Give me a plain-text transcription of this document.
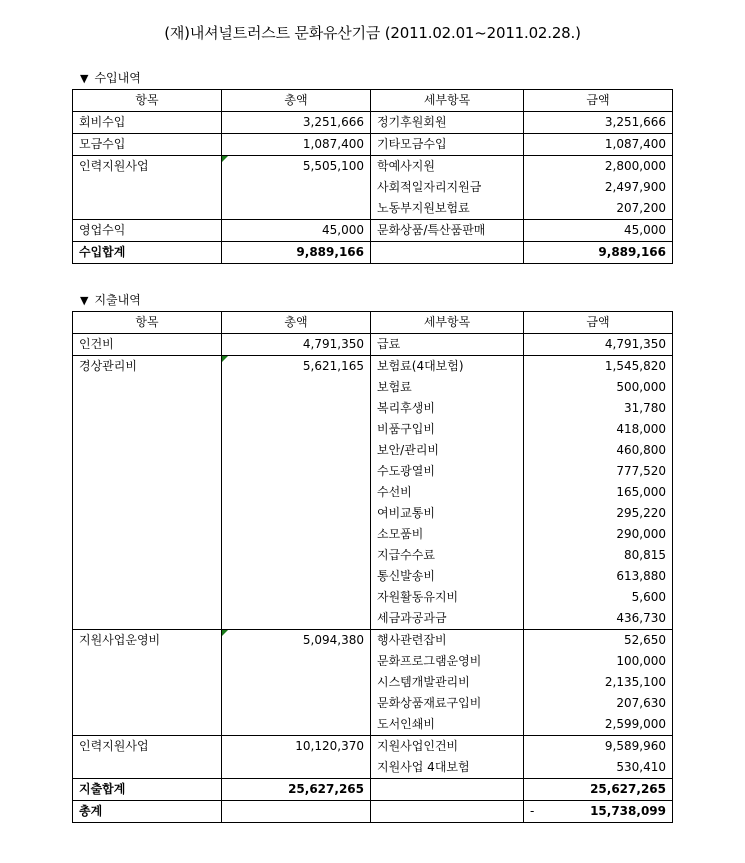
(재)내셔널트러스트 문화유산기금 (2011.02.01~2011.02.28.)
▼ 수입내역
항목	총액	세부항목	금액
회비수입	3,251,666	정기후원회원	3,251,666
모금수입	1,087,400	기타모금수입	1,087,400
인력지원사업	5,505,100	학예사지원	2,800,000
		사회적일자리지원금	2,497,900
		노동부지원보험료	207,200
영업수익	45,000	문화상품/특산품판매	45,000
수입합계	9,889,166		9,889,166
▼ 지출내역
항목	총액	세부항목	금액
인건비	4,791,350	급료	4,791,350
경상관리비	5,621,165	보험료(4대보험)	1,545,820
		보험료	500,000
		복리후생비	31,780
		비품구입비	418,000
		보안/관리비	460,800
		수도광열비	777,520
		수선비	165,000
		여비교통비	295,220
		소모품비	290,000
		지급수수료	80,815
		통신발송비	613,880
		자원활동유지비	5,600
		세금과공과금	436,730
지원사업운영비	5,094,380	행사관련잡비	52,650
		문화프로그램운영비	100,000
		시스템개발관리비	2,135,100
		문화상품재료구입비	207,630
		도서인쇄비	2,599,000
인력지원사업	10,120,370	지원사업인건비	9,589,960
		지원사업 4대보험	530,410
지출합계	25,627,265		25,627,265
총계			- 15,738,099
